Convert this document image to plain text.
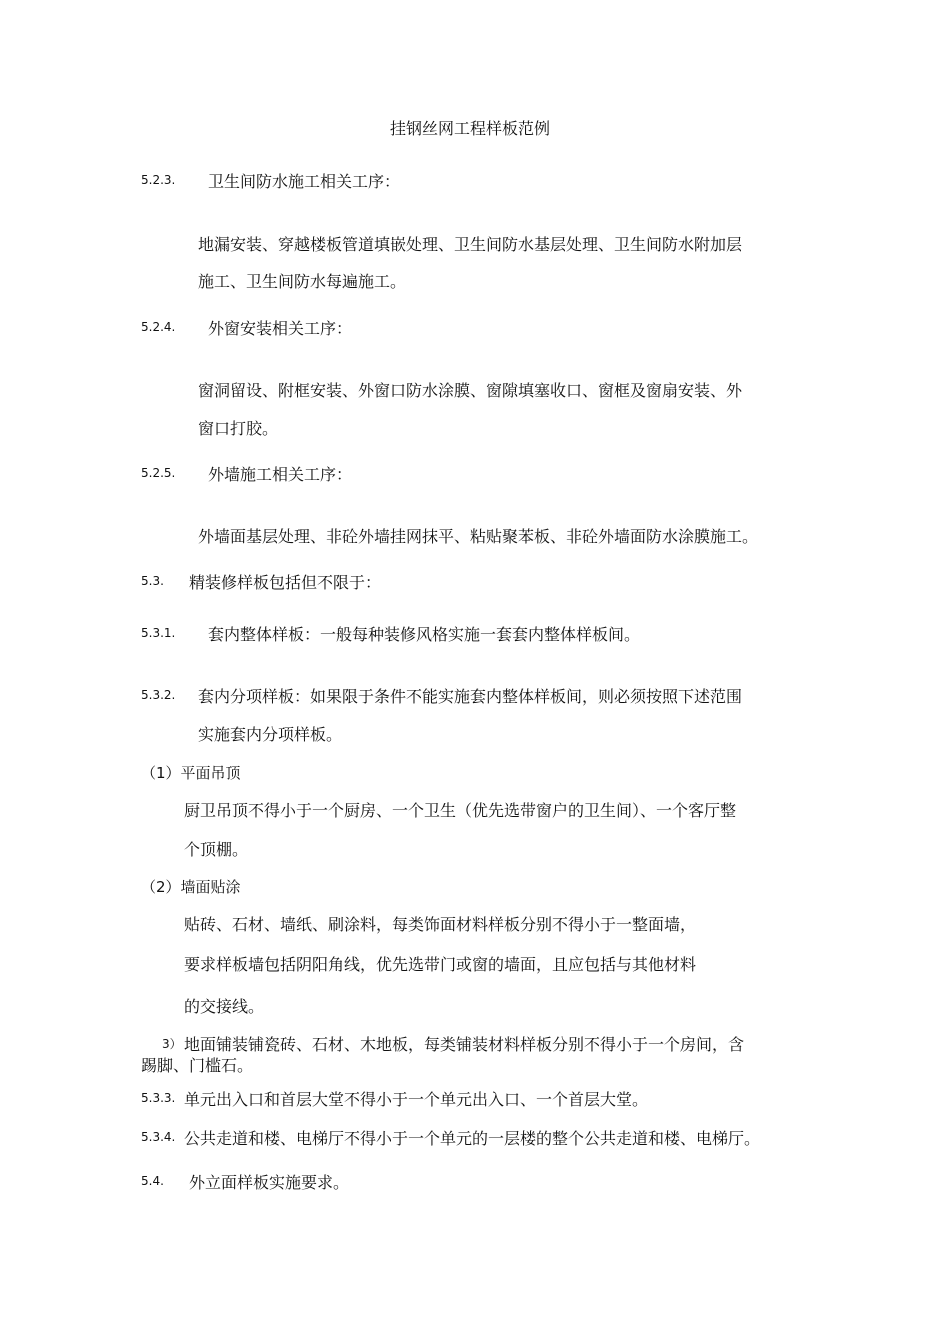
挂钢丝网工程样板范例
5.2.3. 卫生间防水施工相关工序：
地漏安装、穿越楼板管道填嵌处理、卫生间防水基层处理、卫生间防水附加层
施工、卫生间防水每遍施工。
5.2.4. 外窗安装相关工序：
窗洞留设、附框安装、外窗口防水涂膜、窗隙填塞收口、窗框及窗扇安装、外
窗口打胶。
5.2.5. 外墙施工相关工序：
外墙面基层处理、非砼外墙挂网抹平、粘贴聚苯板、非砼外墙面防水涂膜施工。
5.3. 精装修样板包括但不限于：
5.3.1. 套内整体样板：一般每种装修风格实施一套套内整体样板间。
5.3.2. 套内分项样板：如果限于条件不能实施套内整体样板间，则必须按照下述范围
实施套内分项样板。
（1）平面吊顶
厨卫吊顶不得小于一个厨房、一个卫生（优先选带窗户的卫生间）、一个客厅整
个顶棚。
（2）墙面贴涂
贴砖、石材、墙纸、刷涂料，每类饰面材料样板分别不得小于一整面墙，
要求样板墙包括阴阳角线，优先选带门或窗的墙面，且应包括与其他材料
的交接线。
3） 地面铺装铺瓷砖、石材、木地板，每类铺装材料样板分别不得小于一个房间，含
踢脚、门槛石。
5.3.3. 单元出入口和首层大堂不得小于一个单元出入口、一个首层大堂。
5.3.4. 公共走道和楼、电梯厅不得小于一个单元的一层楼的整个公共走道和楼、电梯厅。
5.4. 外立面样板实施要求。
